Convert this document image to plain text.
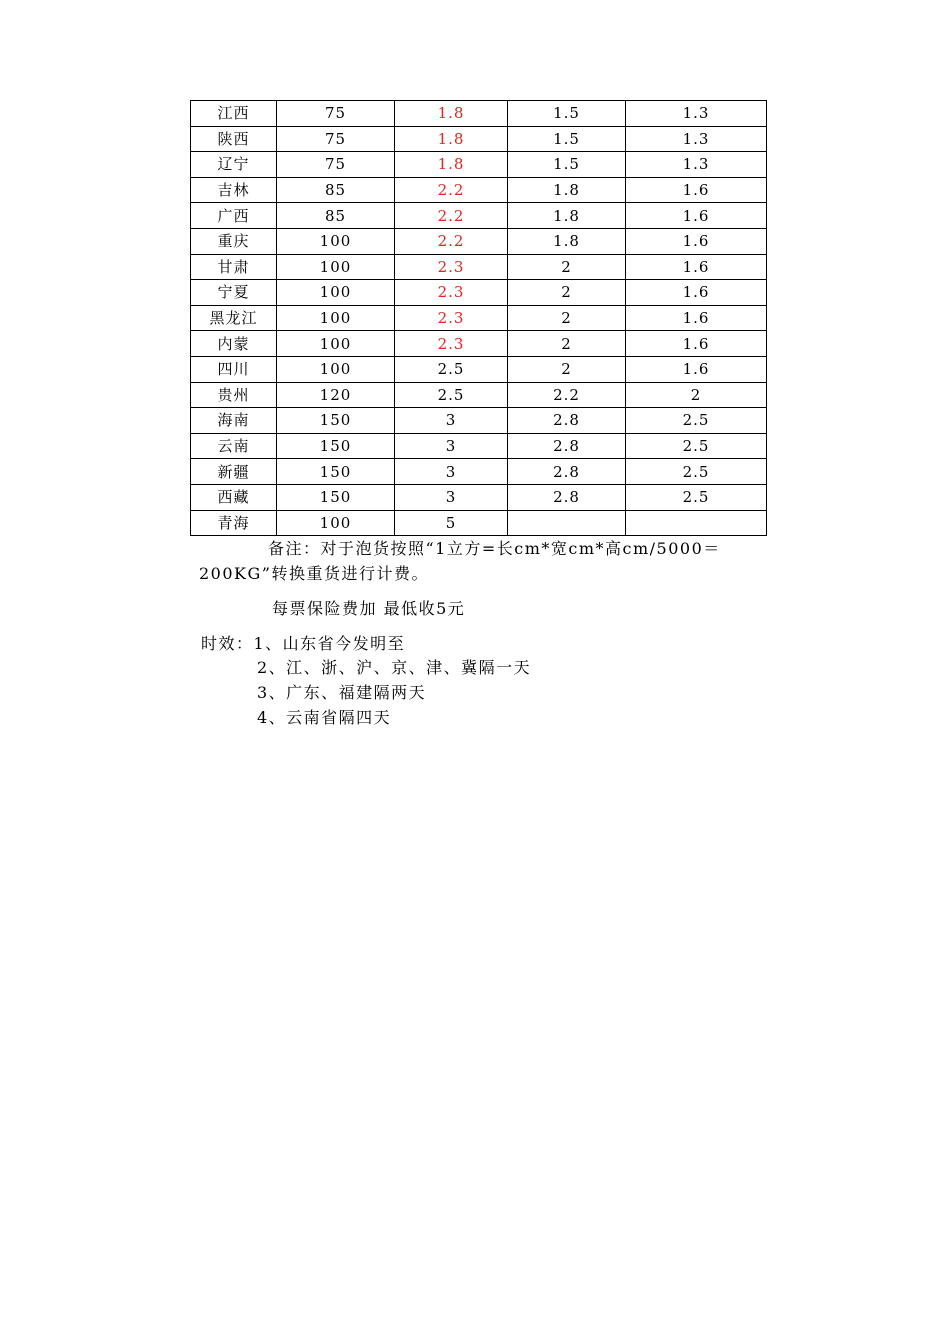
江西	75	1.8	1.5	1.3
陕西	75	1.8	1.5	1.3
辽宁	75	1.8	1.5	1.3
吉林	85	2.2	1.8	1.6
广西	85	2.2	1.8	1.6
重庆	100	2.2	1.8	1.6
甘肃	100	2.3	2	1.6
宁夏	100	2.3	2	1.6
黑龙江	100	2.3	2	1.6
内蒙	100	2.3	2	1.6
四川	100	2.5	2	1.6
贵州	120	2.5	2.2	2
海南	150	3	2.8	2.5
云南	150	3	2.8	2.5
新疆	150	3	2.8	2.5
西藏	150	3	2.8	2.5
青海	100	5		
备注：对于泡货按照“1立方=长cm*宽cm*高cm/5000＝
200KG”转换重货进行计费。
每票保险费加 最低收5元
时效：1、山东省今发明至
2、江、浙、沪、京、津、冀隔一天
3、广东、福建隔两天
4、云南省隔四天
